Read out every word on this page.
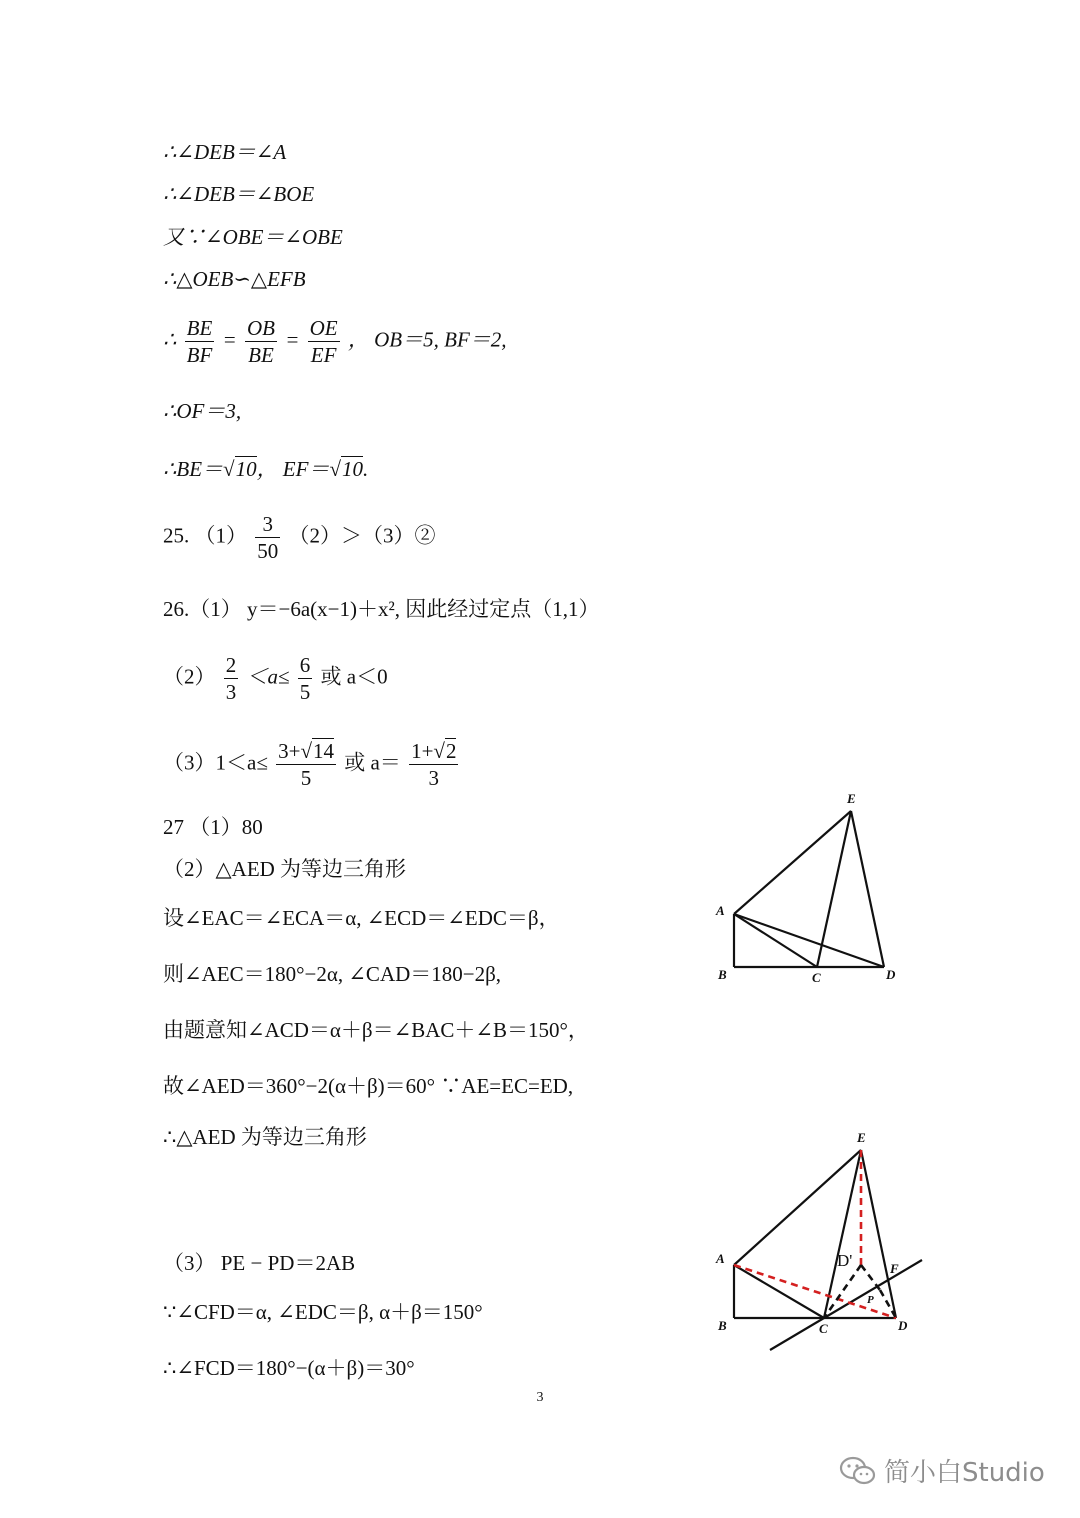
∴∠DEB＝∠A
∴∠DEB＝∠BOE
又∵∠OBE＝∠OBE
∴△OEB∽△EFB
∴ $\frac{BE}{BF} = \frac{OB}{BE} = \frac{OE}{EF}$ ， OB＝5, BF＝2,
∴OF＝3,
∴BE＝√10， EF＝√10.
25. $(1) \frac{3}{50}$ （2）＞（3）②
26.（1） y＝−6a(x−1)＋x², 因此经过定点（1,1）
$(2) \frac{2}{3} <a\le \frac{6}{5}$ 或 a＜0
$(3)1<a\le \frac{3+√14}{5}$ 或 $a= \frac{1+√2}{3}$
27 （1）80
（2）△AED 为等边三角形
设∠EAC＝∠ECA＝α, ∠ECD＝∠EDC＝β，
则∠AEC＝180°−2α, ∠CAD＝180−2β,
由题意知∠ACD＝α＋β＝∠BAC＋∠B＝150°，
故∠AED＝360°−2(α＋β)＝60° ∵AE=EC=ED,
∴△AED 为等边三角形
（3） PE − PD＝2AB
∵∠CFD＝α, ∠EDC＝β, α＋β＝150°
∴∠FCD＝180°−(α＋β)＝30°
E
A
B	C	D
E
A
B	C	D
F
P
D'
3
简小白Studio
